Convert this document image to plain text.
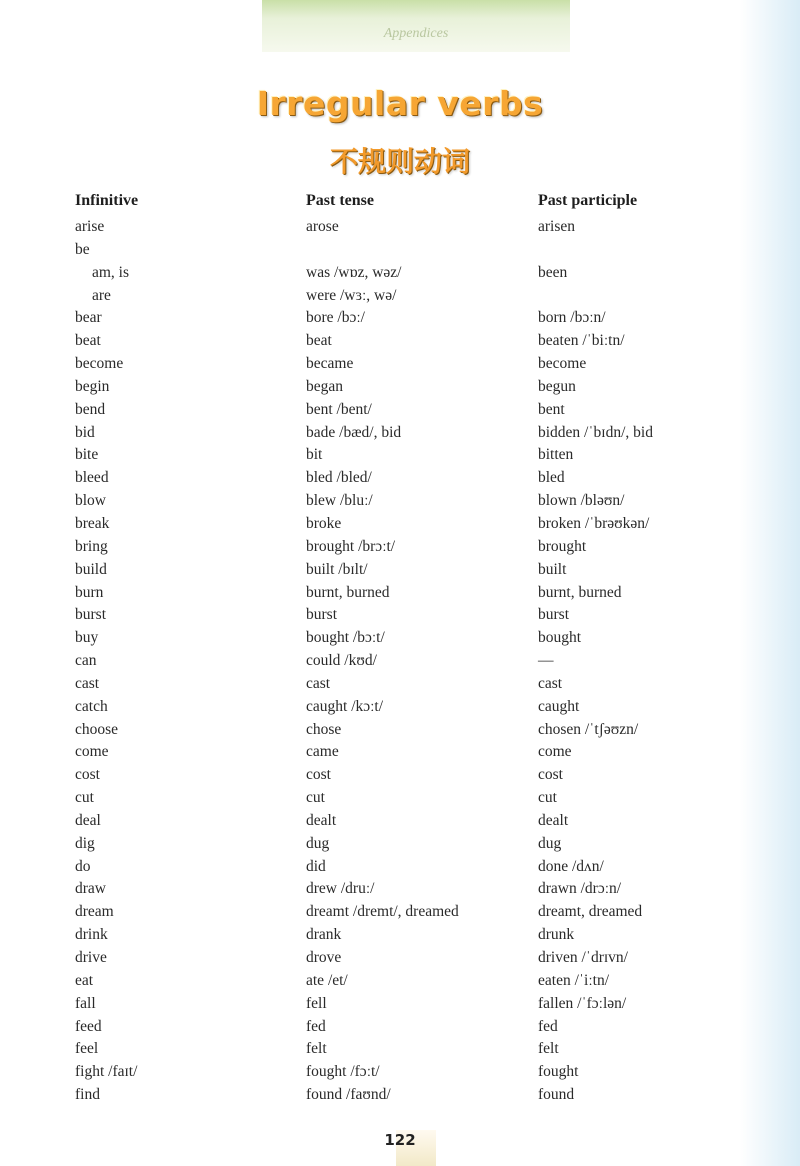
Appendices
Irregular verbs
不规则动词
Infinitive	Past tense	Past participle
arise	arose	arisen
be
am, is	was /wɒz, wəz/	been
are	were /wɜː, wə/
bear	bore /bɔː/	born /bɔːn/
beat	beat	beaten /ˈbiːtn/
become	became	become
begin	began	begun
bend	bent /bent/	bent
bid	bade /bæd/, bid	bidden /ˈbɪdn/, bid
bite	bit	bitten
bleed	bled /bled/	bled
blow	blew /bluː/	blown /bləʊn/
break	broke	broken /ˈbrəʊkən/
bring	brought /brɔːt/	brought
build	built /bɪlt/	built
burn	burnt, burned	burnt, burned
burst	burst	burst
buy	bought /bɔːt/	bought
can	could /kʊd/	—
cast	cast	cast
catch	caught /kɔːt/	caught
choose	chose	chosen /ˈtʃəʊzn/
come	came	come
cost	cost	cost
cut	cut	cut
deal	dealt	dealt
dig	dug	dug
do	did	done /dʌn/
draw	drew /druː/	drawn /drɔːn/
dream	dreamt /dremt/, dreamed	dreamt, dreamed
drink	drank	drunk
drive	drove	driven /ˈdrɪvn/
eat	ate /et/	eaten /ˈiːtn/
fall	fell	fallen /ˈfɔːlən/
feed	fed	fed
feel	felt	felt
fight /faɪt/	fought /fɔːt/	fought
find	found /faʊnd/	found
122
